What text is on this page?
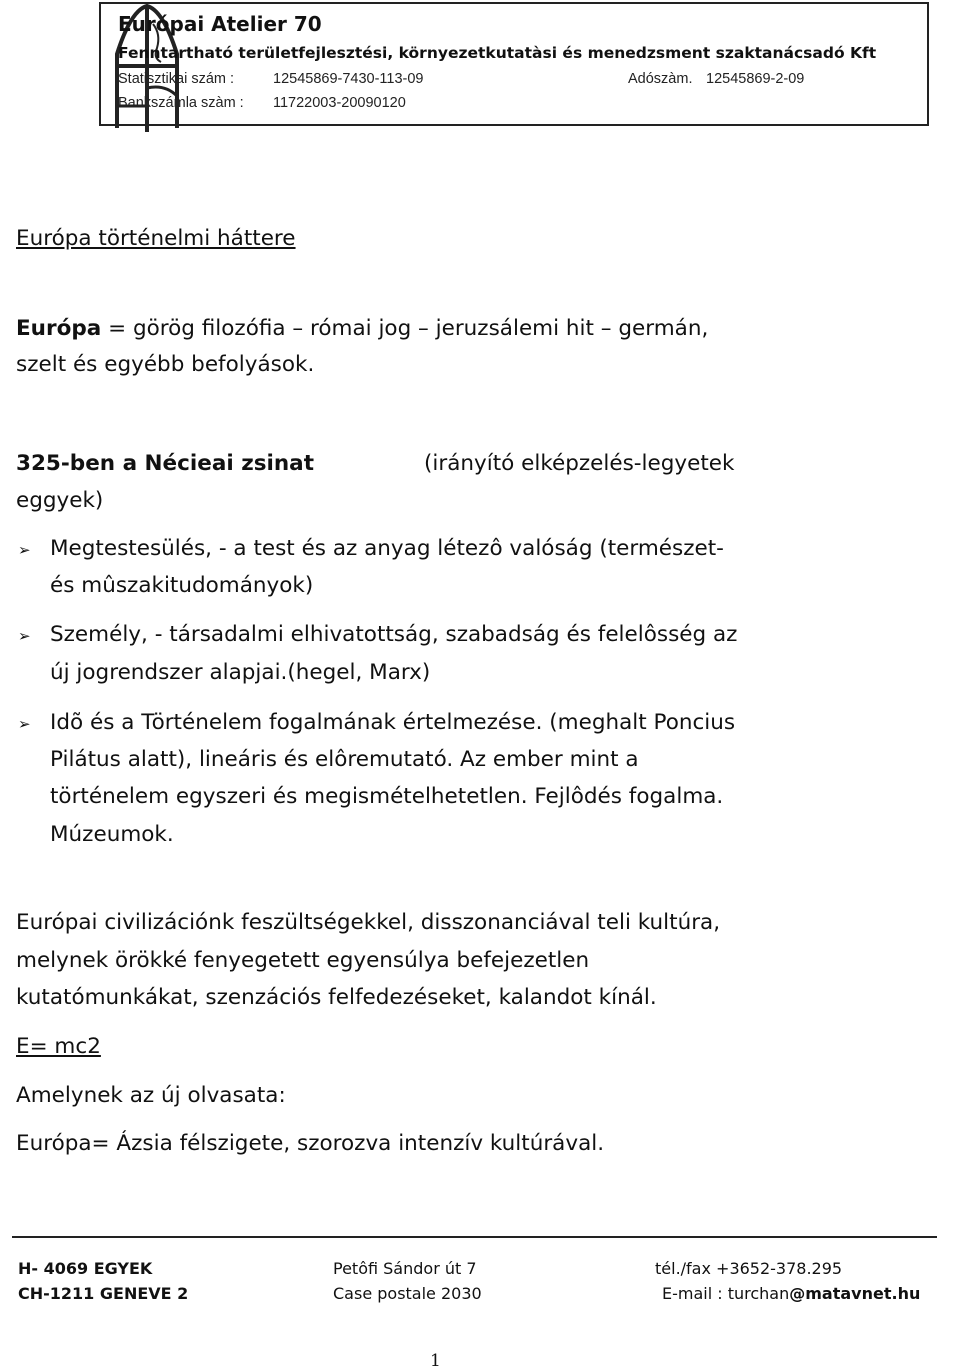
Európai Atelier 70
Fenntartható területfejlesztési, környezetkutatàsi és menedzsment szaktanácsadó Kft
Statisztikai szám :	12545869-7430-113-09	Adószàm. 12545869-2-09
Bankszámla szàm : 11722003-20090120
Európa történelmi háttere
Európa = görög filozófia – római jog – jeruzsálemi hit – germán,
szelt és egyébb befolyások.
325-ben a Nécieai zsinat	(irányító elképzelés-legyetek
eggyek)
➢ Megtestesülés, - a test és az anyag létezô valóság (természet-
és mûszakitudományok)
➢ Személy, - társadalmi elhivatottság, szabadság és felelôsség az
új jogrendszer alapjai.(hegel, Marx)
➢ Idõ és a Történelem fogalmának értelmezése. (meghalt Poncius
Pilátus alatt), lineáris és elôremutató. Az ember mint a
történelem egyszeri és megismételhetetlen. Fejlôdés fogalma.
Múzeumok.
Európai civilizációnk feszültségekkel, disszonanciával teli kultúra,
melynek örökké fenyegetett egyensúlya befejezetlen
kutatómunkákat, szenzációs felfedezéseket, kalandot kínál.
E= mc2
Amelynek az új olvasata:
Európa= Ázsia félszigete, szorozva intenzív kultúrával.
H- 4069 EGYEK	Petôfi Sándor út 7	tél./fax +3652-378.295
CH-1211 GENEVE 2	Case postale 2030	E-mail : turchan@matavnet.hu
1
